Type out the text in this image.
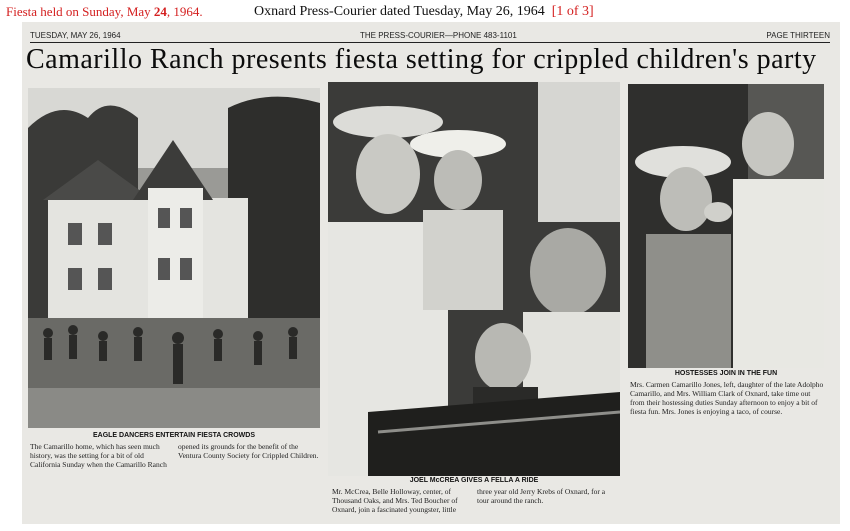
Fiesta held on Sunday, May 24, 1964.	Oxnard Press-Courier dated Tuesday, May 26, 1964 [1 of 3]
TUESDAY, MAY 26, 1964	THE PRESS-COURIER—PHONE 483-1101	PAGE THIRTEEN
Camarillo Ranch presents fiesta setting for crippled children's party
EAGLE DANCERS ENTERTAIN FIESTA CROWDS
The Camarillo home, which has seen much history, was the setting for a bit of old California Sunday when the Camarillo Ranch
opened its grounds for the benefit of the Ventura County Society for Crippled Children.
JOEL McCREA GIVES A FELLA A RIDE
Mr. McCrea, Belle Holloway, center, of Thousand Oaks, and Mrs. Ted Boucher of Oxnard, join a fascinated youngster, little
three year old Jerry Krebs of Oxnard, for a tour around the ranch.
HOSTESSES JOIN IN THE FUN
Mrs. Carmen Camarillo Jones, left, daughter of the late Adolpho Camarillo, and Mrs. William Clark of Oxnard, take time out from their hostessing duties Sunday afternoon to enjoy a bit of fiesta fun. Mrs. Jones is enjoying a taco, of course.
